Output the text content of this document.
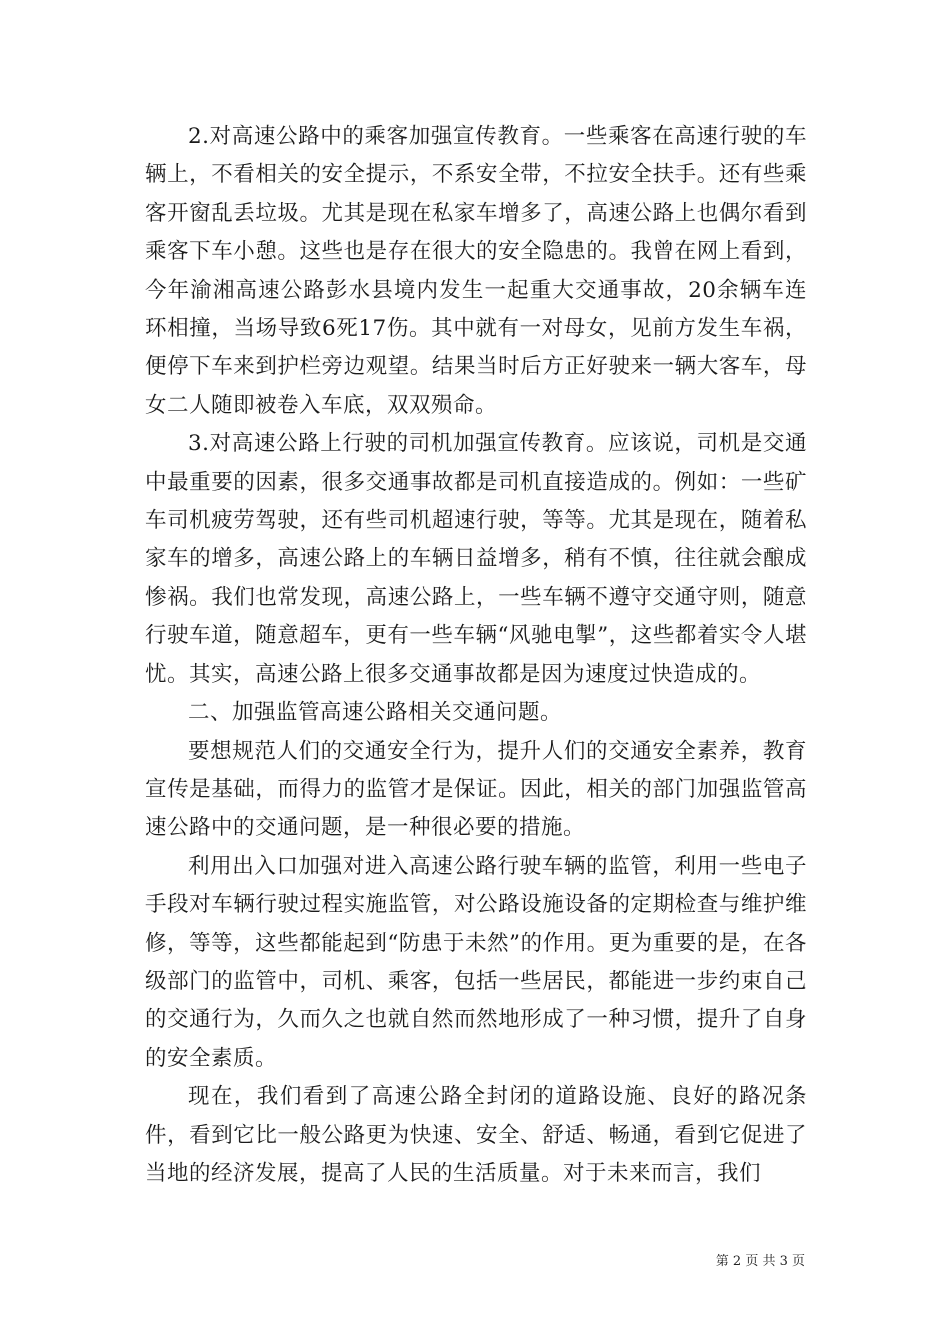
2.对高速公路中的乘客加强宣传教育。一些乘客在高速行驶的车辆上，不看相关的安全提示，不系安全带，不拉安全扶手。还有些乘客开窗乱丢垃圾。尤其是现在私家车增多了，高速公路上也偶尔看到乘客下车小憩。这些也是存在很大的安全隐患的。我曾在网上看到，今年渝湘高速公路彭水县境内发生一起重大交通事故，20余辆车连环相撞，当场导致6死17伤。其中就有一对母女，见前方发生车祸，便停下车来到护栏旁边观望。结果当时后方正好驶来一辆大客车，母女二人随即被卷入车底，双双殒命。

3.对高速公路上行驶的司机加强宣传教育。应该说，司机是交通中最重要的因素，很多交通事故都是司机直接造成的。例如：一些矿车司机疲劳驾驶，还有些司机超速行驶，等等。尤其是现在，随着私家车的增多，高速公路上的车辆日益增多，稍有不慎，往往就会酿成惨祸。我们也常发现，高速公路上，一些车辆不遵守交通守则，随意行驶车道，随意超车，更有一些车辆“风驰电掣”，这些都着实令人堪忧。其实，高速公路上很多交通事故都是因为速度过快造成的。

二、加强监管高速公路相关交通问题。

要想规范人们的交通安全行为，提升人们的交通安全素养，教育宣传是基础，而得力的监管才是保证。因此，相关的部门加强监管高速公路中的交通问题，是一种很必要的措施。

利用出入口加强对进入高速公路行驶车辆的监管，利用一些电子手段对车辆行驶过程实施监管，对公路设施设备的定期检查与维护维修，等等，这些都能起到“防患于未然”的作用。更为重要的是，在各级部门的监管中，司机、乘客，包括一些居民，都能进一步约束自己的交通行为，久而久之也就自然而然地形成了一种习惯，提升了自身的安全素质。

现在，我们看到了高速公路全封闭的道路设施、良好的路况条件，看到它比一般公路更为快速、安全、舒适、畅通，看到它促进了当地的经济发展，提高了人民的生活质量。对于未来而言，我们

第 2 页 共 3 页
